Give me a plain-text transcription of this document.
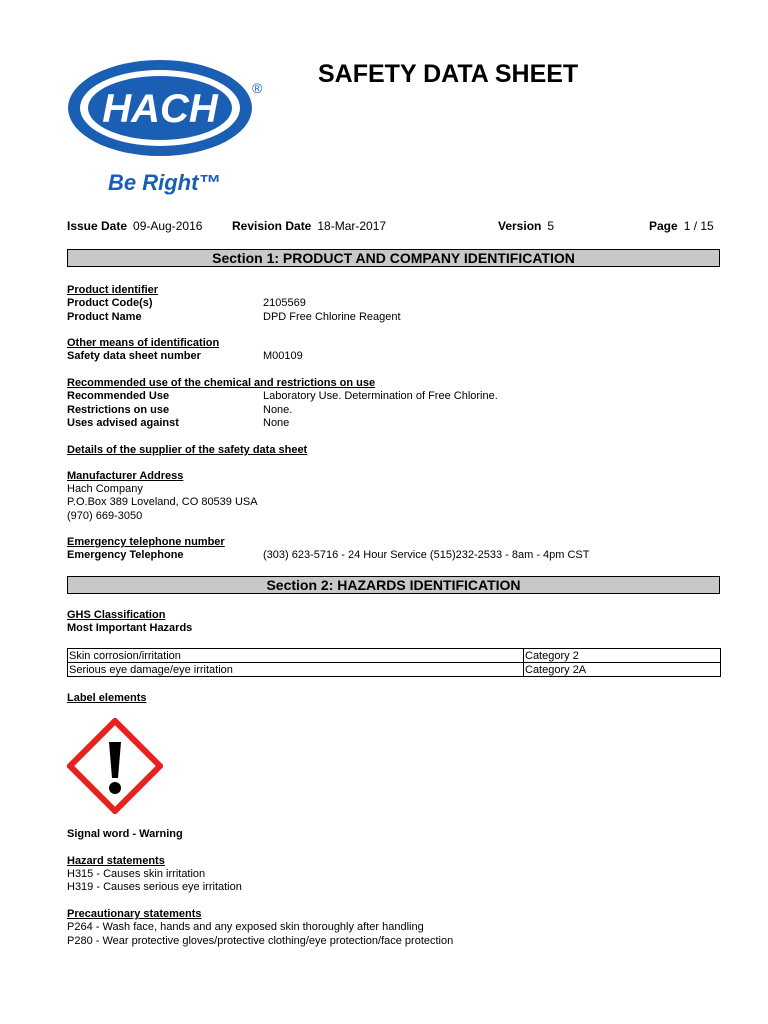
HACH ®
Be Right™
SAFETY DATA SHEET
Issue Date 09-Aug-2016 Revision Date 18-Mar-2017	Version 5	Page 1 / 15
Section 1: PRODUCT AND COMPANY IDENTIFICATION
Product identifier
Product Code(s)	2105569
Product Name	DPD Free Chlorine Reagent
Other means of identification
Safety data sheet number	M00109
Recommended use of the chemical and restrictions on use
Recommended Use	Laboratory Use. Determination of Free Chlorine.
Restrictions on use	None.
Uses advised against	None
Details of the supplier of the safety data sheet
Manufacturer Address
Hach Company
P.O.Box 389 Loveland, CO 80539 USA
(970) 669-3050
Emergency telephone number
Emergency Telephone	(303) 623-5716 - 24 Hour Service (515)232-2533 - 8am - 4pm CST
Section 2: HAZARDS IDENTIFICATION
GHS Classification
Most Important Hazards
Skin corrosion/irritation	Category 2
Serious eye damage/eye irritation	Category 2A
Label elements
Signal word - Warning
Hazard statements
H315 - Causes skin irritation
H319 - Causes serious eye irritation
Precautionary statements
P264 - Wash face, hands and any exposed skin thoroughly after handling
P280 - Wear protective gloves/protective clothing/eye protection/face protection
